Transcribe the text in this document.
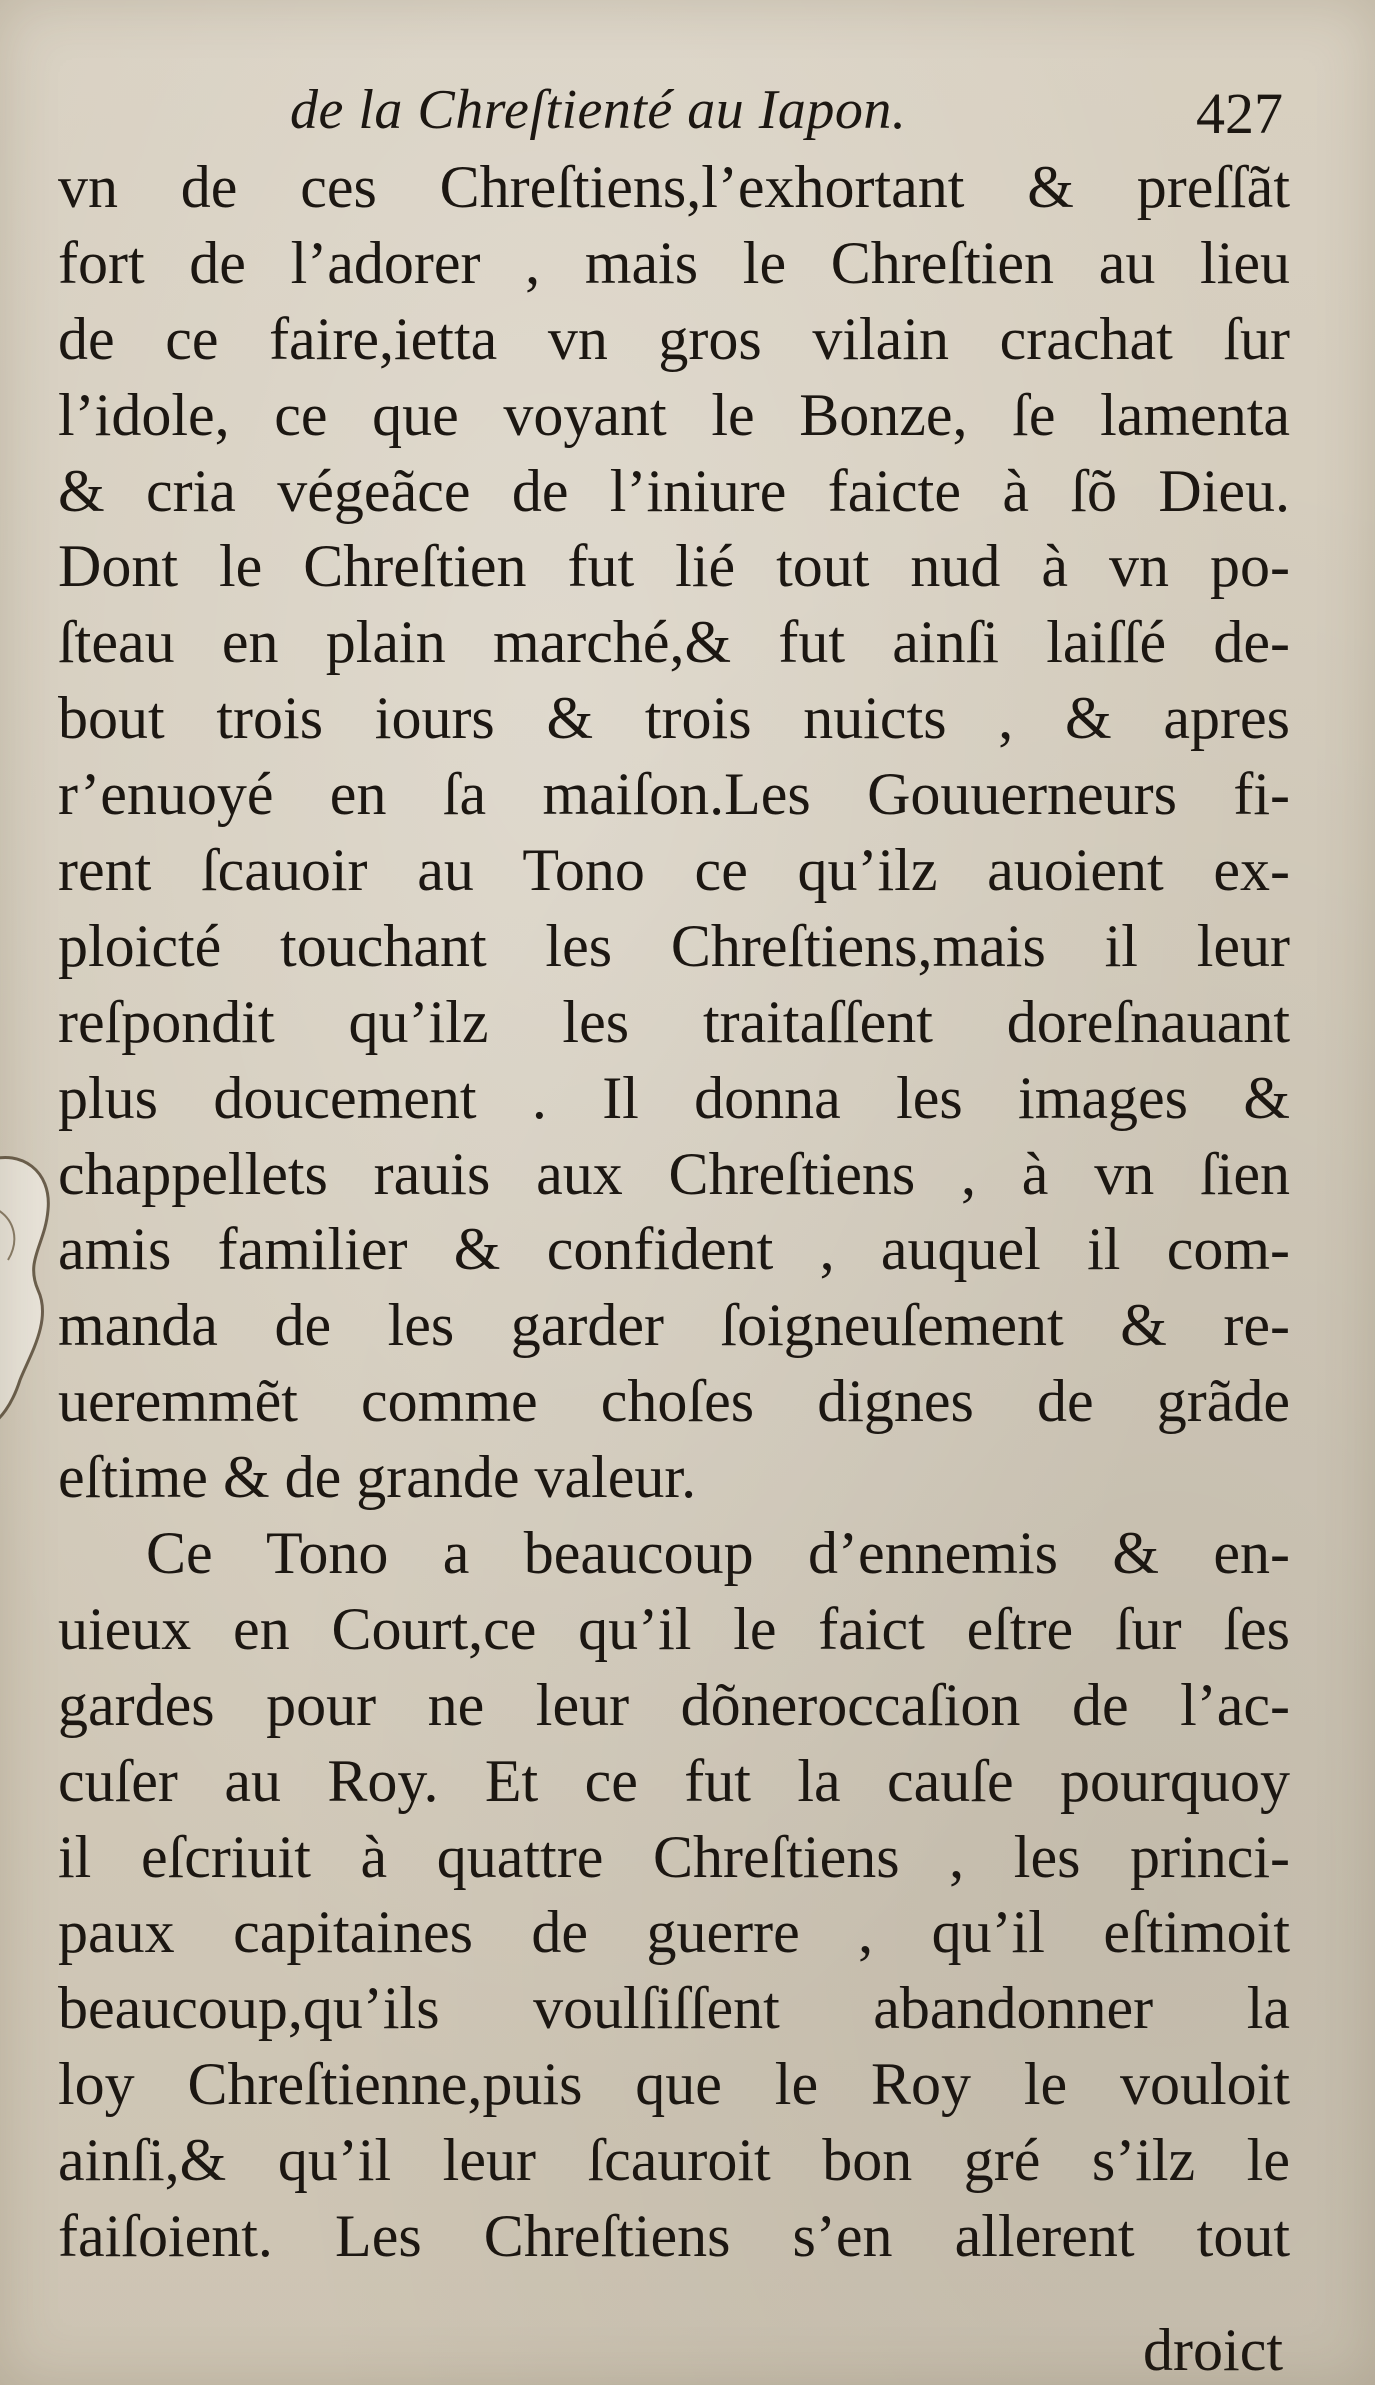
de la Chreſtienté au Iapon.	427
vn de ces Chreſtiens,l’exhortant & preſſãt
fort de l’adorer , mais le Chreſtien au lieu
de ce faire,ietta vn gros vilain crachat ſur
l’idole, ce que voyant le Bonze, ſe lamenta
& cria végeãce de l’iniure faicte à ſõ Dieu.
Dont le Chreſtien fut lié tout nud à vn po-
ſteau en plain marché,& fut ainſi laiſſé de-
bout trois iours & trois nuicts , & apres
r’enuoyé en ſa maiſon.Les Gouuerneurs fi-
rent ſcauoir au Tono ce qu’ilz auoient ex-
ploicté touchant les Chreſtiens,mais il leur
reſpondit qu’ilz les traitaſſent doreſnauant
plus doucement . Il donna les images &
chappellets rauis aux Chreſtiens , à vn ſien
amis familier & confident , auquel il com-
manda de les garder ſoigneuſement & re-
ueremmẽt comme choſes dignes de grãde
eſtime & de grande valeur.
Ce Tono a beaucoup d’ennemis & en-
uieux en Court,ce qu’il le faict eſtre ſur ſes
gardes pour ne leur dõneroccaſion de l’ac-
cuſer au Roy. Et ce fut la cauſe pourquoy
il eſcriuit à quattre Chreſtiens , les princi-
paux capitaines de guerre , qu’il eſtimoit
beaucoup,qu’ils voulſiſſent abandonner la
loy Chreſtienne,puis que le Roy le vouloit
ainſi,& qu’il leur ſcauroit bon gré s’ilz le
faiſoient. Les Chreſtiens s’en allerent tout
droict
